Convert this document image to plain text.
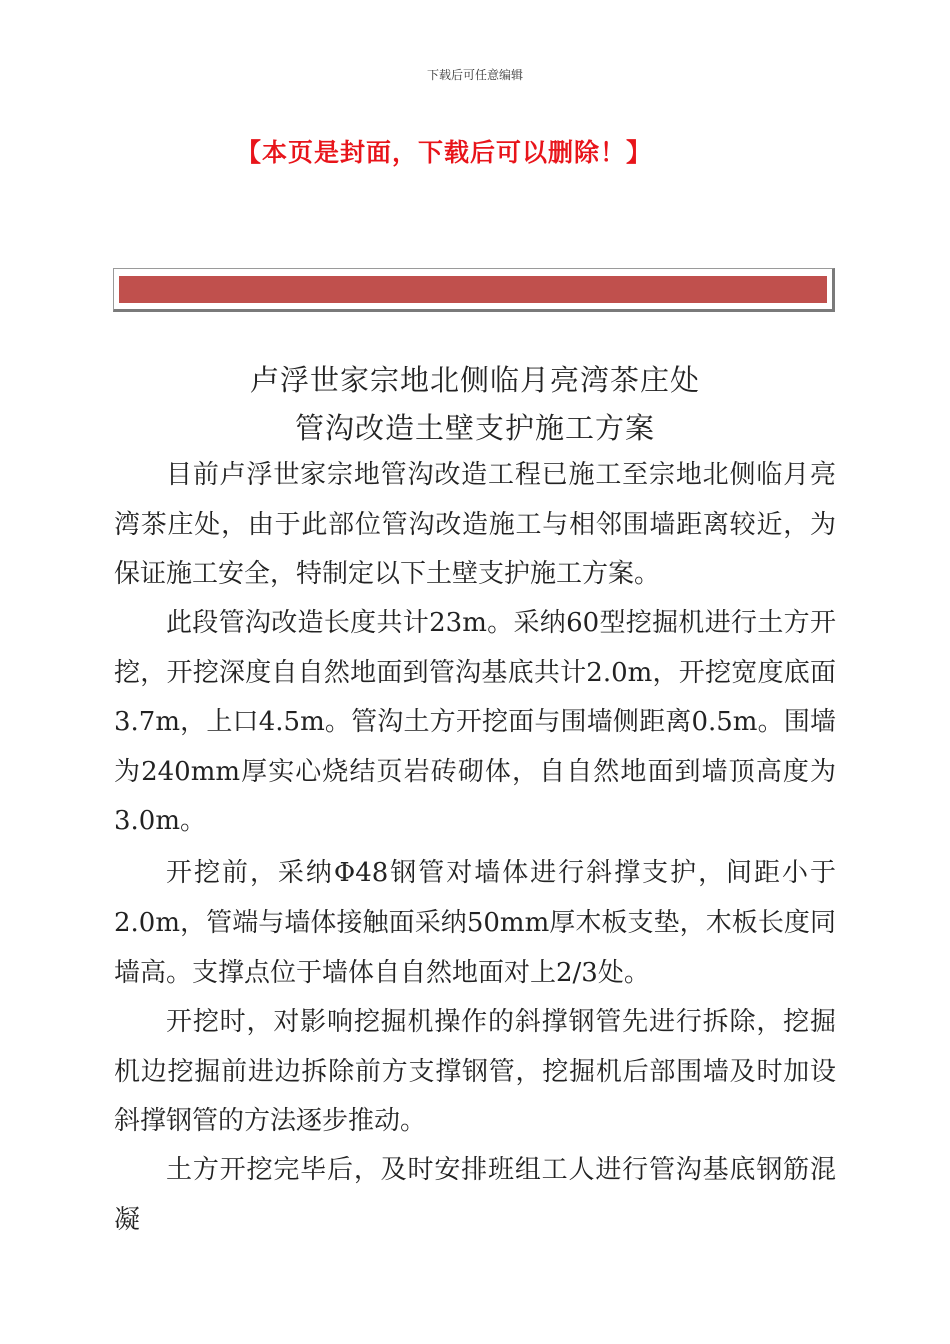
下载后可任意编辑
【本页是封面，下载后可以删除！】
卢浮世家宗地北侧临月亮湾茶庄处
管沟改造土壁支护施工方案

目前卢浮世家宗地管沟改造工程已施工至宗地北侧临月亮湾茶庄处，由于此部位管沟改造施工与相邻围墙距离较近，为保证施工安全，特制定以下土壁支护施工方案。

此段管沟改造长度共计23m。采纳60型挖掘机进行土方开挖，开挖深度自自然地面到管沟基底共计2.0m，开挖宽度底面3.7m，上口4.5m。管沟土方开挖面与围墙侧距离0.5m。围墙为240mm厚实心烧结页岩砖砌体，自自然地面到墙顶高度为3.0m。

开挖前，采纳Φ48钢管对墙体进行斜撑支护，间距小于2.0m，管端与墙体接触面采纳50mm厚木板支垫，木板长度同墙高。支撑点位于墙体自自然地面对上2/3处。

开挖时，对影响挖掘机操作的斜撑钢管先进行拆除，挖掘机边挖掘前进边拆除前方支撑钢管，挖掘机后部围墙及时加设斜撑钢管的方法逐步推动。

土方开挖完毕后，及时安排班组工人进行管沟基底钢筋混凝
